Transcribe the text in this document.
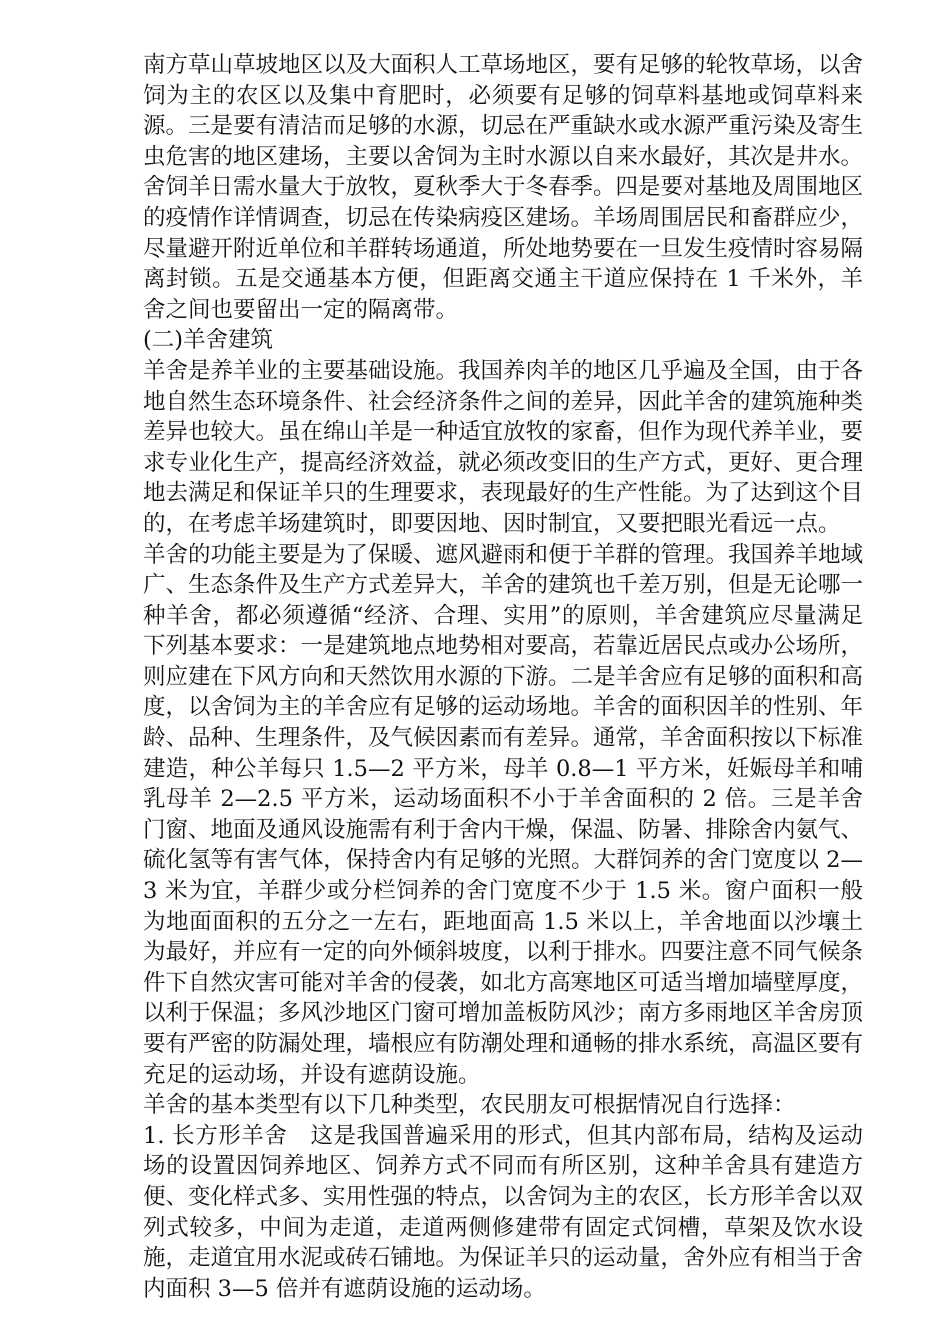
南方草山草坡地区以及大面积人工草场地区，要有足够的轮牧草场，以舍饲为主的农区以及集中育肥时，必须要有足够的饲草料基地或饲草料来源。三是要有清洁而足够的水源，切忌在严重缺水或水源严重污染及寄生虫危害的地区建场，主要以舍饲为主时水源以自来水最好，其次是井水。舍饲羊日需水量大于放牧，夏秋季大于冬春季。四是要对基地及周围地区的疫情作详情调查，切忌在传染病疫区建场。羊场周围居民和畜群应少，尽量避开附近单位和羊群转场通道，所处地势要在一旦发生疫情时容易隔离封锁。五是交通基本方便，但距离交通主干道应保持在 1 千米外，羊舍之间也要留出一定的隔离带。

(二)羊舍建筑

羊舍是养羊业的主要基础设施。我国养肉羊的地区几乎遍及全国，由于各地自然生态环境条件、社会经济条件之间的差异，因此羊舍的建筑施种类差异也较大。虽在绵山羊是一种适宜放牧的家畜，但作为现代养羊业，要求专业化生产，提高经济效益，就必须改变旧的生产方式，更好、更合理地去满足和保证羊只的生理要求，表现最好的生产性能。为了达到这个目的，在考虑羊场建筑时，即要因地、因时制宜，又要把眼光看远一点。

羊舍的功能主要是为了保暖、遮风避雨和便于羊群的管理。我国养羊地域广、生态条件及生产方式差异大，羊舍的建筑也千差万别，但是无论哪一种羊舍，都必须遵循“经济、合理、实用”的原则，羊舍建筑应尽量满足下列基本要求：一是建筑地点地势相对要高，若靠近居民点或办公场所，则应建在下风方向和天然饮用水源的下游。二是羊舍应有足够的面积和高度，以舍饲为主的羊舍应有足够的运动场地。羊舍的面积因羊的性别、年龄、品种、生理条件，及气候因素而有差异。通常，羊舍面积按以下标准建造，种公羊每只 1.5—2 平方米，母羊 0.8—1 平方米，妊娠母羊和哺乳母羊 2—2.5 平方米，运动场面积不小于羊舍面积的 2 倍。三是羊舍门窗、地面及通风设施需有利于舍内干燥，保温、防暑、排除舍内氨气、硫化氢等有害气体，保持舍内有足够的光照。大群饲养的舍门宽度以 2—3 米为宜，羊群少或分栏饲养的舍门宽度不少于 1.5 米。窗户面积一般为地面面积的五分之一左右，距地面高 1.5 米以上，羊舍地面以沙壤土为最好，并应有一定的向外倾斜坡度，以利于排水。四要注意不同气候条件下自然灾害可能对羊舍的侵袭，如北方高寒地区可适当增加墙壁厚度，以利于保温；多风沙地区门窗可增加盖板防风沙；南方多雨地区羊舍房顶要有严密的防漏处理，墙根应有防潮处理和通畅的排水系统，高温区要有充足的运动场，并设有遮荫设施。

羊舍的基本类型有以下几种类型，农民朋友可根据情况自行选择：

1. 长方形羊舍　这是我国普遍采用的形式，但其内部布局，结构及运动场的设置因饲养地区、饲养方式不同而有所区别，这种羊舍具有建造方便、变化样式多、实用性强的特点，以舍饲为主的农区，长方形羊舍以双列式较多，中间为走道，走道两侧修建带有固定式饲槽，草架及饮水设施，走道宜用水泥或砖石铺地。为保证羊只的运动量，舍外应有相当于舍内面积 3—5 倍并有遮荫设施的运动场。
